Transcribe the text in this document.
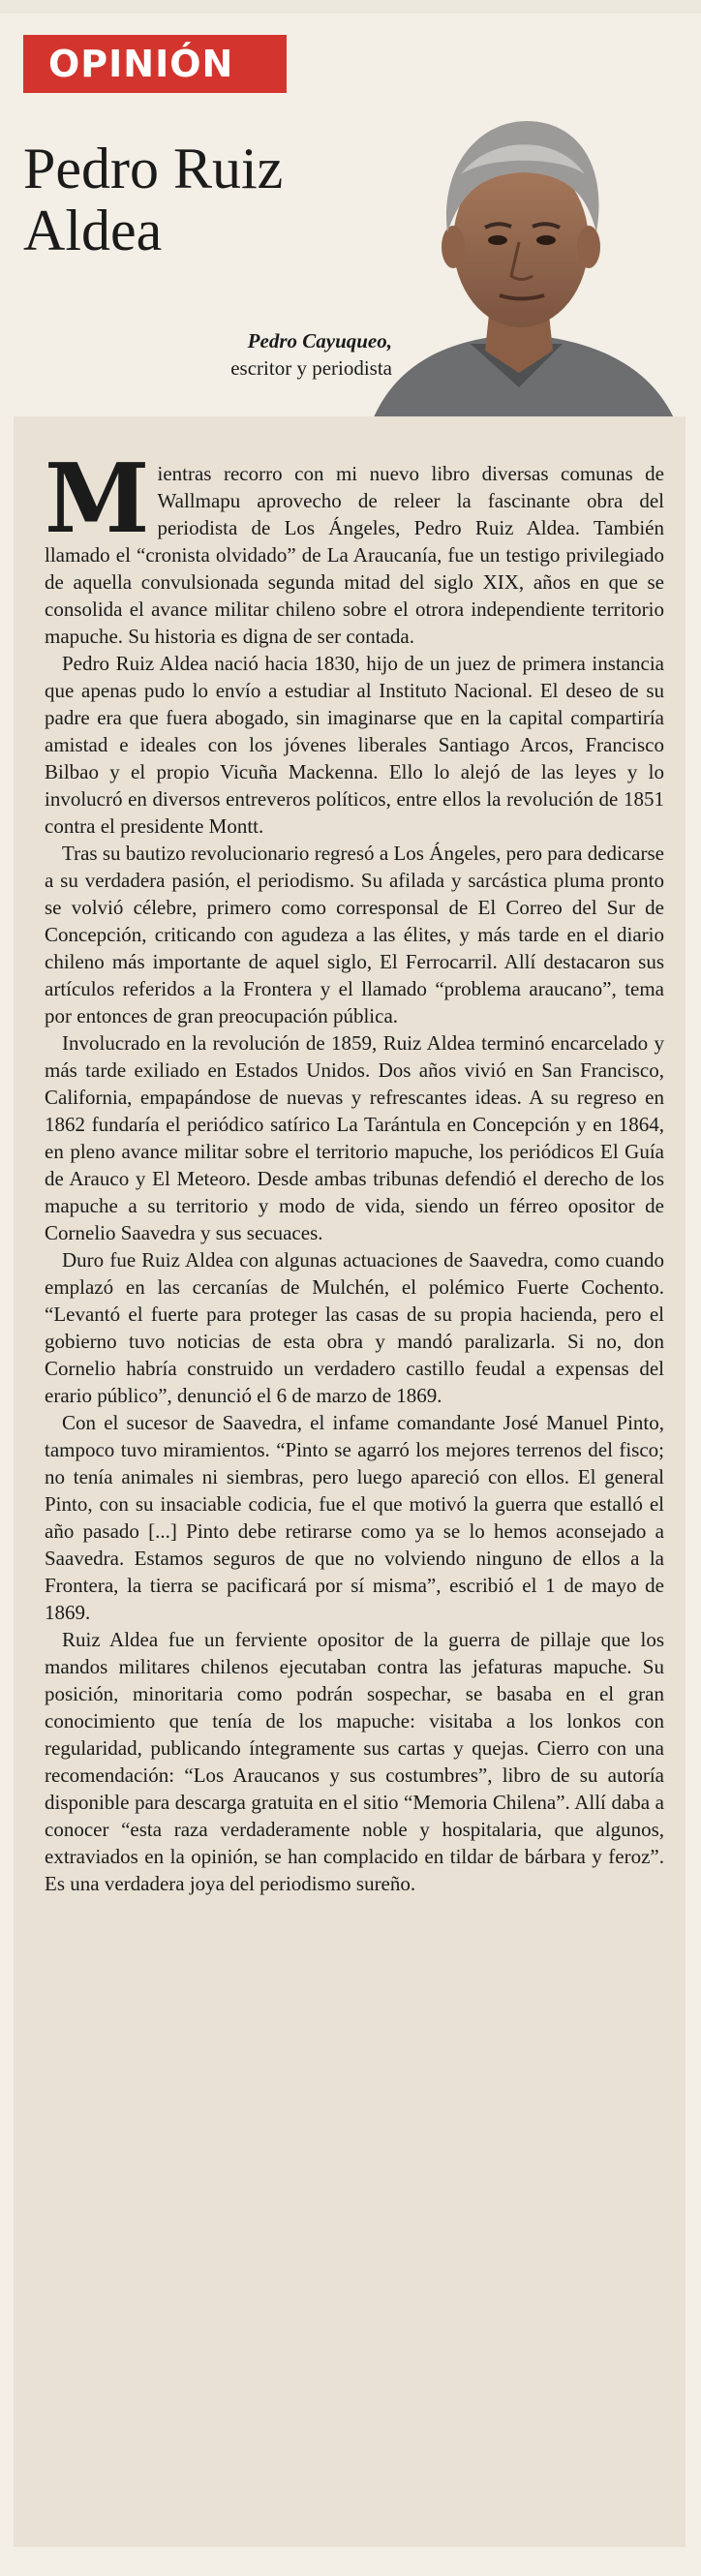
OPINIÓN
Pedro Ruiz Aldea
Pedro Cayuqueo,
escritor y periodista

Mientras recorro con mi nuevo libro diversas comunas de Wallmapu aprovecho de releer la fascinante obra del periodista de Los Ángeles, Pedro Ruiz Aldea. También llamado el “cronista olvidado” de La Araucanía, fue un testigo privilegiado de aquella convulsionada segunda mitad del siglo XIX, años en que se consolida el avance militar chileno sobre el otrora independiente territorio mapuche. Su historia es digna de ser contada.

Pedro Ruiz Aldea nació hacia 1830, hijo de un juez de primera instancia que apenas pudo lo envío a estudiar al Instituto Nacional. El deseo de su padre era que fuera abogado, sin imaginarse que en la capital compartiría amistad e ideales con los jóvenes liberales Santiago Arcos, Francisco Bilbao y el propio Vicuña Mackenna. Ello lo alejó de las leyes y lo involucró en diversos entreveros políticos, entre ellos la revolución de 1851 contra el presidente Montt.

Tras su bautizo revolucionario regresó a Los Ángeles, pero para dedicarse a su verdadera pasión, el periodismo. Su afilada y sarcástica pluma pronto se volvió célebre, primero como corresponsal de El Correo del Sur de Concepción, criticando con agudeza a las élites, y más tarde en el diario chileno más importante de aquel siglo, El Ferrocarril. Allí destacaron sus artículos referidos a la Frontera y el llamado “problema araucano”, tema por entonces de gran preocupación pública.

Involucrado en la revolución de 1859, Ruiz Aldea terminó encarcelado y más tarde exiliado en Estados Unidos. Dos años vivió en San Francisco, California, empapándose de nuevas y refrescantes ideas. A su regreso en 1862 fundaría el periódico satírico La Tarántula en Concepción y en 1864, en pleno avance militar sobre el territorio mapuche, los periódicos El Guía de Arauco y El Meteoro. Desde ambas tribunas defendió el derecho de los mapuche a su territorio y modo de vida, siendo un férreo opositor de Cornelio Saavedra y sus secuaces.

Duro fue Ruiz Aldea con algunas actuaciones de Saavedra, como cuando emplazó en las cercanías de Mulchén, el polémico Fuerte Cochento. “Levantó el fuerte para proteger las casas de su propia hacienda, pero el gobierno tuvo noticias de esta obra y mandó paralizarla. Si no, don Cornelio habría construido un verdadero castillo feudal a expensas del erario público”, denunció el 6 de marzo de 1869.

Con el sucesor de Saavedra, el infame comandante José Manuel Pinto, tampoco tuvo miramientos. “Pinto se agarró los mejores terrenos del fisco; no tenía animales ni siembras, pero luego apareció con ellos. El general Pinto, con su insaciable codicia, fue el que motivó la guerra que estalló el año pasado [...] Pinto debe retirarse como ya se lo hemos aconsejado a Saavedra. Estamos seguros de que no volviendo ninguno de ellos a la Frontera, la tierra se pacificará por sí misma”, escribió el 1 de mayo de 1869.

Ruiz Aldea fue un ferviente opositor de la guerra de pillaje que los mandos militares chilenos ejecutaban contra las jefaturas mapuche. Su posición, minoritaria como podrán sospechar, se basaba en el gran conocimiento que tenía de los mapuche: visitaba a los lonkos con regularidad, publicando íntegramente sus cartas y quejas. Cierro con una recomendación: “Los Araucanos y sus costumbres”, libro de su autoría disponible para descarga gratuita en el sitio “Memoria Chilena”. Allí daba a conocer “esta raza verdaderamente noble y hospitalaria, que algunos, extraviados en la opinión, se han complacido en tildar de bárbara y feroz”. Es una verdadera joya del periodismo sureño.
